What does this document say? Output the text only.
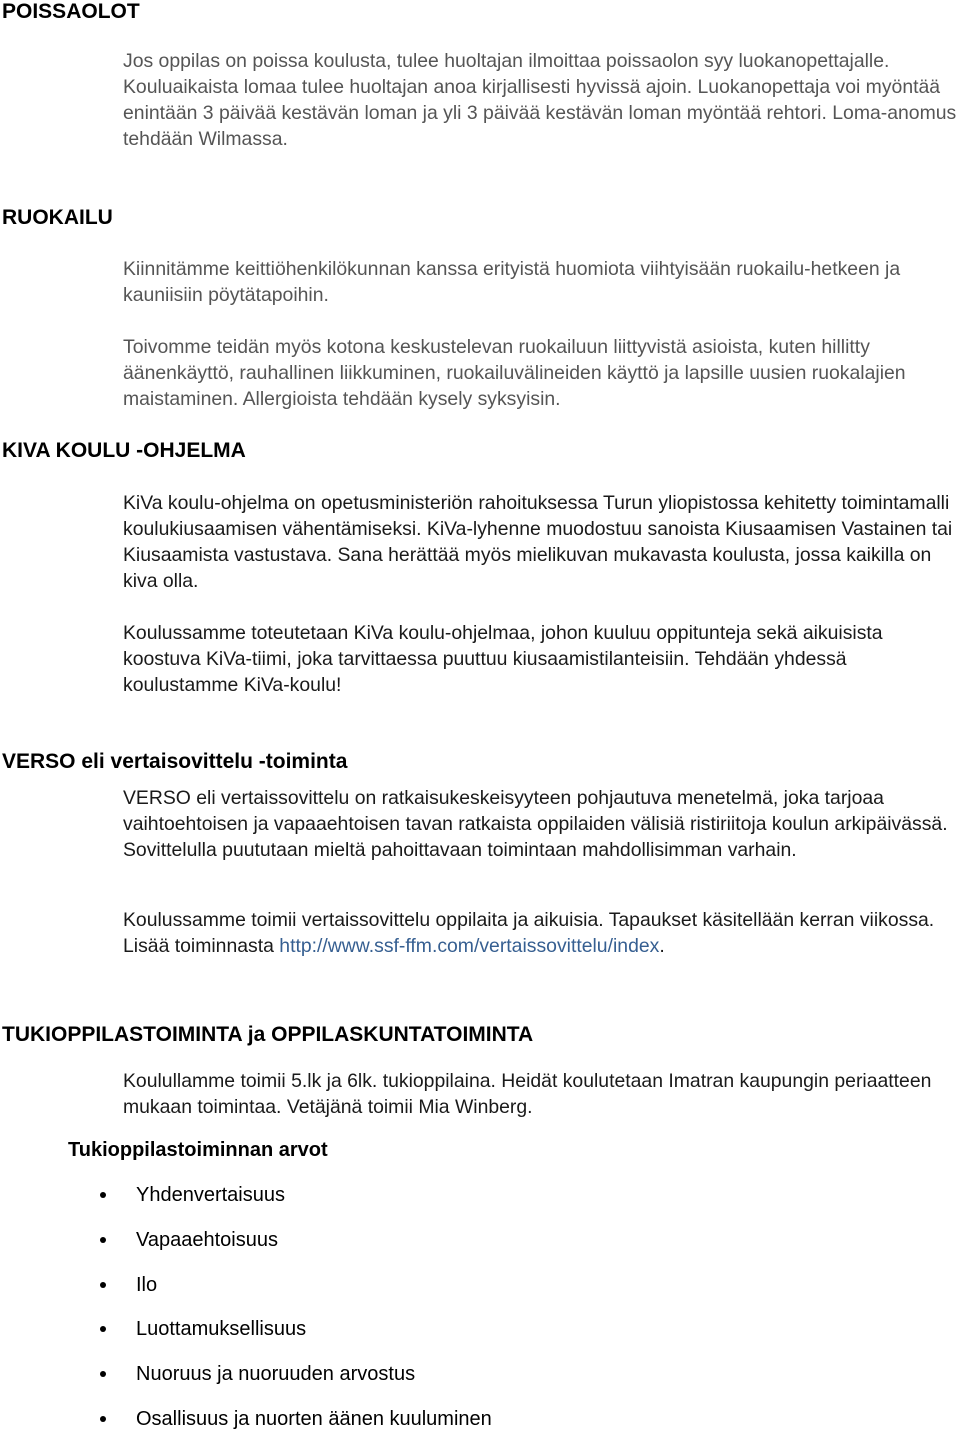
POISSAOLOT

Jos oppilas on poissa koulusta, tulee huoltajan ilmoittaa poissaolon syy luokanopettajalle. Kouluaikaista lomaa tulee huoltajan anoa kirjallisesti hyvissä ajoin. Luokanopettaja voi myöntää enintään 3 päivää kestävän loman ja yli 3 päivää kestävän loman myöntää rehtori. Loma-anomus tehdään Wilmassa.

RUOKAILU

Kiinnitämme keittiöhenkilökunnan kanssa erityistä huomiota viihtyisään ruokailu-hetkeen ja kauniisiin pöytätapoihin.

Toivomme teidän myös kotona keskustelevan ruokailuun liittyvistä asioista, kuten hillitty äänenkäyttö, rauhallinen liikkuminen, ruokailuvälineiden käyttö ja lapsille uusien ruokalajien maistaminen. Allergioista tehdään kysely syksyisin.

KIVA KOULU -OHJELMA

KiVa koulu-ohjelma on opetusministeriön rahoituksessa Turun yliopistossa kehitetty toimintamalli koulukiusaamisen vähentämiseksi. KiVa-lyhenne muodostuu sanoista Kiusaamisen Vastainen tai Kiusaamista vastustava. Sana herättää myös mielikuvan mukavasta koulusta, jossa kaikilla on kiva olla.

Koulussamme toteutetaan KiVa koulu-ohjelmaa, johon kuuluu oppitunteja sekä aikuisista koostuva KiVa-tiimi, joka tarvittaessa puuttuu kiusaamistilanteisiin. Tehdään yhdessä koulustamme KiVa-koulu!

VERSO eli vertaisovittelu -toiminta

VERSO eli vertaissovittelu on ratkaisukeskeisyyteen pohjautuva menetelmä, joka tarjoaa vaihtoehtoisen ja vapaaehtoisen tavan ratkaista oppilaiden välisiä ristiriitoja koulun arkipäivässä. Sovittelulla puututaan mieltä pahoittavaan toimintaan mahdollisimman varhain.

Koulussamme toimii vertaissovittelu oppilaita ja aikuisia. Tapaukset käsitellään kerran viikossa. Lisää toiminnasta http://www.ssf-ffm.com/vertaissovittelu/index.

TUKIOPPILASTOIMINTA ja OPPILASKUNTATOIMINTA

Koulullamme toimii 5.lk ja 6lk. tukioppilaina. Heidät koulutetaan Imatran kaupungin periaatteen mukaan toimintaa. Vetäjänä toimii Mia Winberg.

Tukioppilastoiminnan arvot
Yhdenvertaisuus
Vapaaehtoisuus
Ilo
Luottamuksellisuus
Nuoruus ja nuoruuden arvostus
Osallisuus ja nuorten äänen kuuluminen
